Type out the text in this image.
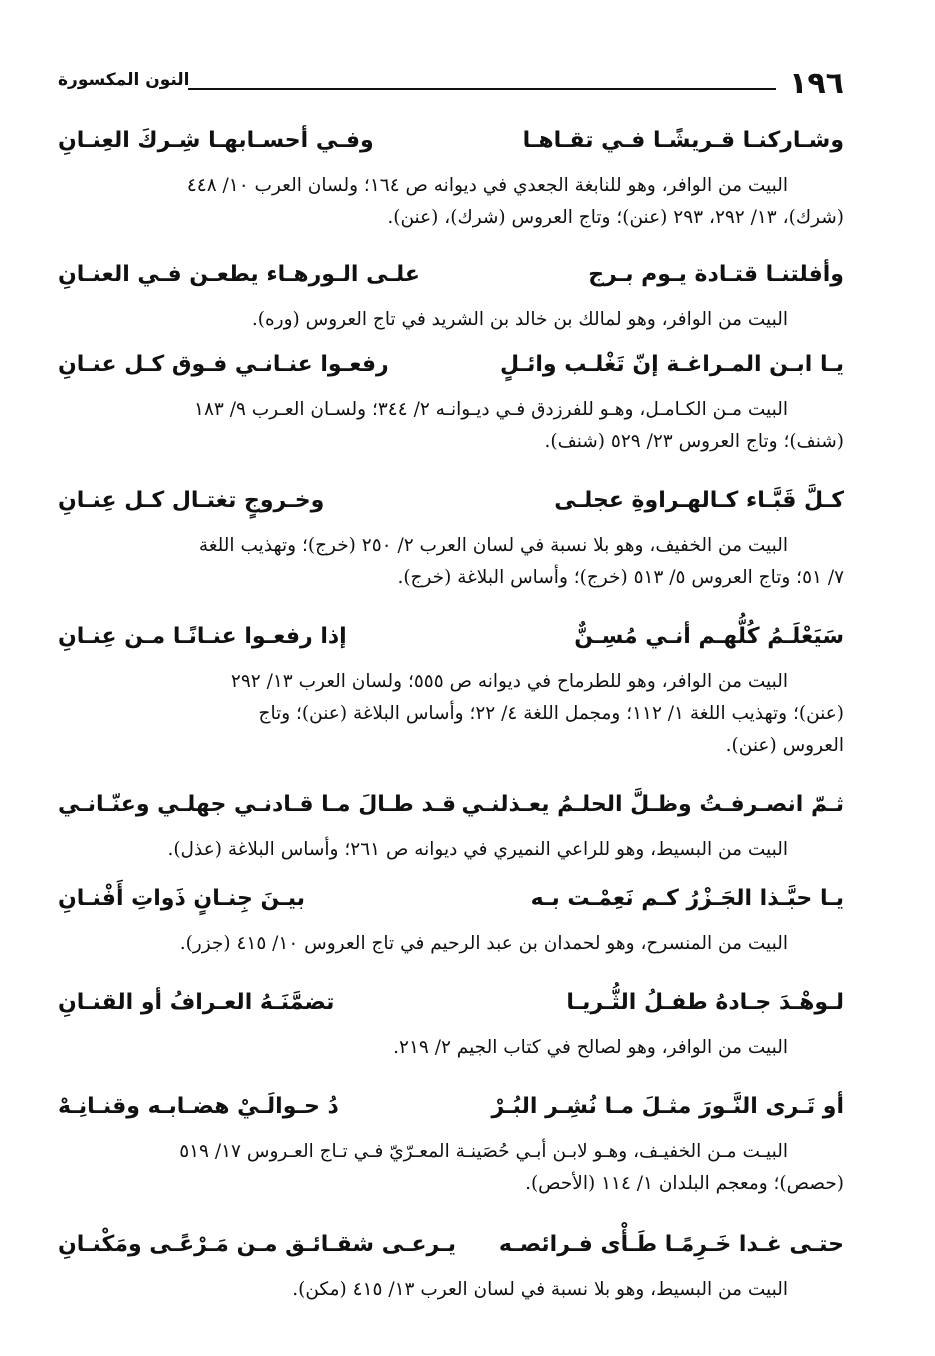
١٩٦
النون المكسورة
وشـاركنـا قـريشًـا فـي تقـاهـا
وفـي أحسـابهـا شِـركَ العِنـانِ
البيت من الوافر، وهو للنابغة الجعدي في ديوانه ص ١٦٤؛ ولسان العرب ١٠/ ٤٤٨
(شرك)، ١٣/ ٢٩٢، ٢٩٣ (عنن)؛ وتاج العروس (شرك)، (عنن).
وأفلتنـا قتـادة يـوم بـرج
علـى الـورهـاء يطعـن فـي العنـانِ
البيت من الوافر، وهو لمالك بن خالد بن الشريد في تاج العروس (وره).
يـا ابـن المـراغـة إنّ تَغْلـب وائـلٍ
رفعـوا عنـانـي فـوق كـل عنـانِ
البيت مـن الكـامـل، وهـو للفرزدق فـي ديـوانـه ٢/ ٣٤٤؛ ولسـان العـرب ٩/ ١٨٣
(شنف)؛ وتاج العروس ٢٣/ ٥٢٩ (شنف).
كـلَّ قَبَّـاء كـالهـراوةِ عجلـى
وخـروجٍ تغتـال كـل عِنـانِ
البيت من الخفيف، وهو بلا نسبة في لسان العرب ٢/ ٢٥٠ (خرج)؛ وتهذيب اللغة
٧/ ٥١؛ وتاج العروس ٥/ ٥١٣ (خرج)؛ وأساس البلاغة (خرج).
سَيَعْلَـمُ كُلُّهـم أنـي مُسِـنٌّ
إذا رفعـوا عنـانًـا مـن عِنـانِ
البيت من الوافر، وهو للطرماح في ديوانه ص ٥٥٥؛ ولسان العرب ١٣/ ٢٩٢
(عنن)؛ وتهذيب اللغة ١/ ١١٢؛ ومجمل اللغة ٤/ ٢٢؛ وأساس البلاغة (عنن)؛ وتاج
العروس (عنن).
ثـمّ انصـرفـتُ وظـلَّ الحلـمُ يعـذلنـي
قـد طـالَ مـا قـادنـي جهلـي وعنّـانـي
البيت من البسيط، وهو للراعي النميري في ديوانه ص ٢٦١؛ وأساس البلاغة (عذل).
يـا حبَّـذا الجَـزْرُ كـم نَعِمْـت بـه
بيـنَ جِنـانٍ ذَواتِ أَفْنـانِ
البيت من المنسرح، وهو لحمدان بن عبد الرحيم في تاج العروس ١٠/ ٤١٥ (جزر).
لـوهْـدَ جـادهُ طفـلُ الثُّـريـا
تضمَّنَـهُ العـرافُ أو القنـانِ
البيت من الوافر، وهو لصالح في كتاب الجيم ٢/ ٢١٩.
أو تَـرى النَّـورَ مثـلَ مـا نُشِـر البُـرْ
دُ حـوالَـيْ هضـابـه وقنـانِـهْ
البيـت مـن الخفيـف، وهـو لابـن أبـي حُصَينـة المعـرّيّ فـي تـاج العـروس ١٧/ ٥١٩
(حصص)؛ ومعجم البلدان ١/ ١١٤ (الأحص).
حتـى غـدا خَـرِمًـا طَـأْى فـرائصـه
يـرعـى شقـائـق مـن مَـرْعًـى ومَكْنـانِ
البيت من البسيط، وهو بلا نسبة في لسان العرب ١٣/ ٤١٥ (مكن).
